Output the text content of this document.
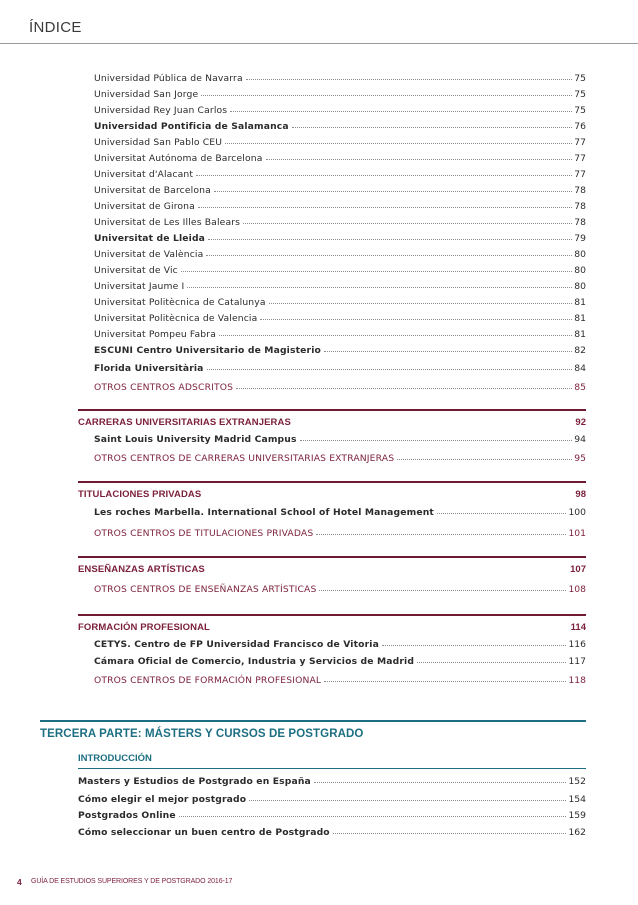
ÍNDICE
Universidad Pública de Navarra	75
Universidad San Jorge	75
Universidad Rey Juan Carlos	75
Universidad Pontificia de Salamanca	76
Universidad San Pablo CEU	77
Universitat Autónoma de Barcelona	77
Universitat d'Alacant	77
Universitat de Barcelona	78
Universitat de Girona	78
Universitat de Les Illes Balears	78
Universitat de Lleida	79
Universitat de València	80
Universitat de Vic	80
Universitat Jaume I	80
Universitat Politècnica de Catalunya	81
Universitat Politècnica de Valencia	81
Universitat Pompeu Fabra	81
ESCUNI Centro Universitario de Magisterio	82
Florida Universitària	84
OTROS CENTROS ADSCRITOS	85
CARRERAS UNIVERSITARIAS EXTRANJERAS	92
Saint Louis University Madrid Campus	94
OTROS CENTROS DE CARRERAS UNIVERSITARIAS EXTRANJERAS	95
TITULACIONES PRIVADAS	98
Les roches Marbella. International School of Hotel Management	100
OTROS CENTROS DE TITULACIONES PRIVADAS	101
ENSEÑANZAS ARTÍSTICAS	107
OTROS CENTROS DE ENSEÑANZAS ARTÍSTICAS	108
FORMACIÓN PROFESIONAL	114
CETYS. Centro de FP Universidad Francisco de Vitoria	116
Cámara Oficial de Comercio, Industria y Servicios de Madrid	117
OTROS CENTROS DE FORMACIÓN PROFESIONAL	118
TERCERA PARTE: MÁSTERS Y CURSOS DE POSTGRADO
INTRODUCCIÓN
Masters y Estudios de Postgrado en España	152
Cómo elegir el mejor postgrado	154
Postgrados Online	159
Cómo seleccionar un buen centro de Postgrado	162
4 GUÍA DE ESTUDIOS SUPERIORES Y DE POSTGRADO 2016-17
